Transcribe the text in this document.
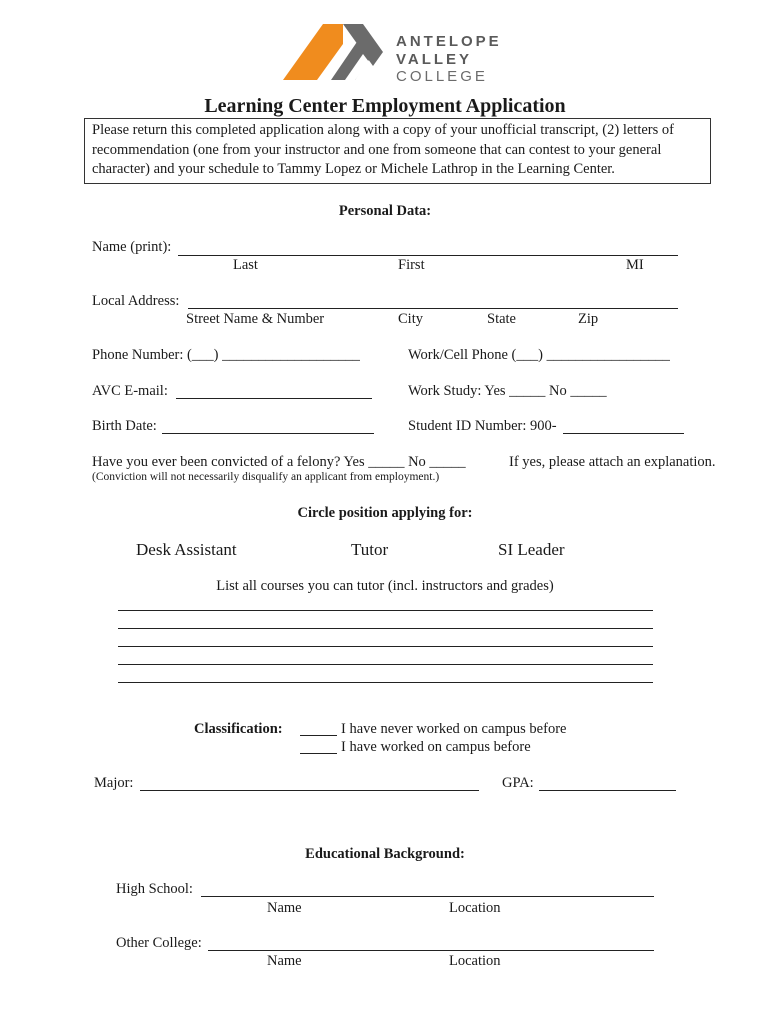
ANTELOPE
VALLEY
COLLEGE
Learning Center Employment Application

Please return this completed application along with a copy of your unofficial transcript, (2) letters of recommendation (one from your instructor and one from someone that can contest to your general character) and your schedule to Tammy Lopez or Michele Lathrop in the Learning Center.

Personal Data:
Name (print):
Last	First	MI
Local Address:
Street Name & Number	City	State	Zip
Phone Number: (___) ___________________	Work/Cell Phone (___) _________________
AVC E-mail:	Work Study: Yes _____ No _____
Birth Date:	Student ID Number: 900-
Have you ever been convicted of a felony? Yes _____ No _____	If yes, please attach an explanation.
(Conviction will not necessarily disqualify an applicant from employment.)
Circle position applying for:
Desk Assistant	Tutor	SI Leader
List all courses you can tutor (incl. instructors and grades)
Classification:	I have never worked on campus before
I have worked on campus before
Major:	GPA:
Educational Background:
High School:
Name	Location
Other College:
Name	Location
